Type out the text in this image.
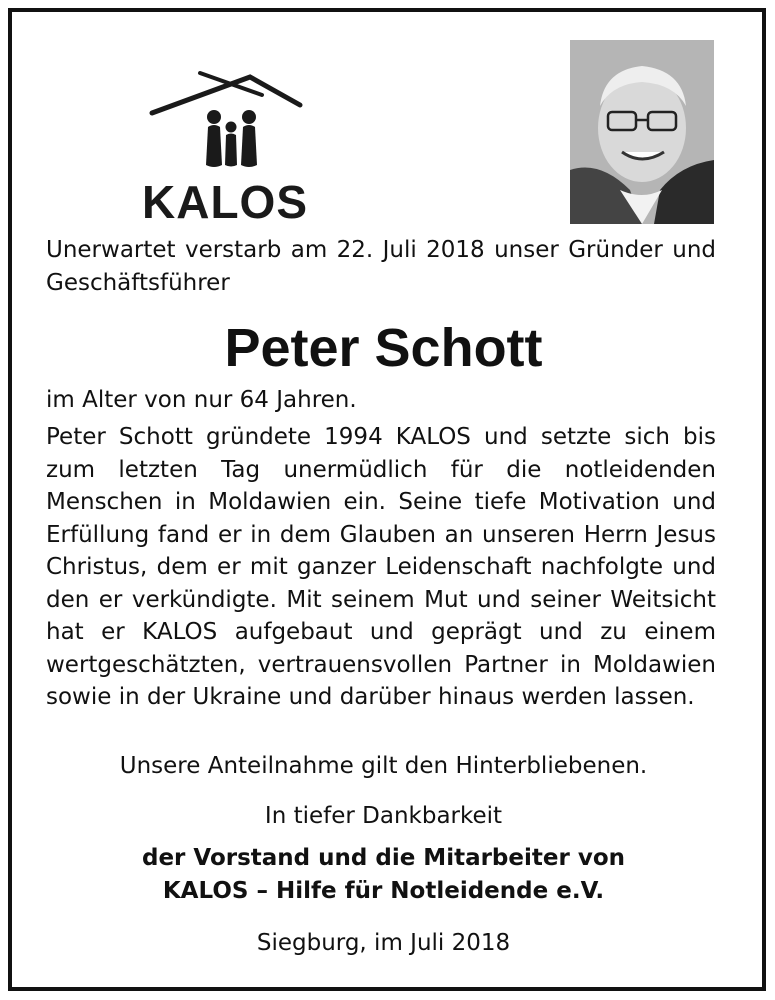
KALOS
Unerwartet verstarb am 22. Juli 2018 unser Gründer und Geschäftsführer
Peter Schott
im Alter von nur 64 Jahren.
Peter Schott gründete 1994 KALOS und setzte sich bis zum letzten Tag unermüdlich für die notleidenden Menschen in Moldawien ein. Seine tiefe Motivation und Erfüllung fand er in dem Glauben an unseren Herrn Jesus Christus, dem er mit ganzer Leidenschaft nachfolgte und den er verkündigte. Mit seinem Mut und seiner Weitsicht hat er KALOS aufgebaut und geprägt und zu einem wertgeschätzten, vertrauensvollen Partner in Moldawien sowie in der Ukraine und darüber hinaus werden lassen.
Unsere Anteilnahme gilt den Hinterbliebenen.
In tiefer Dankbarkeit
der Vorstand und die Mitarbeiter von
KALOS – Hilfe für Notleidende e.V.
Siegburg, im Juli 2018
